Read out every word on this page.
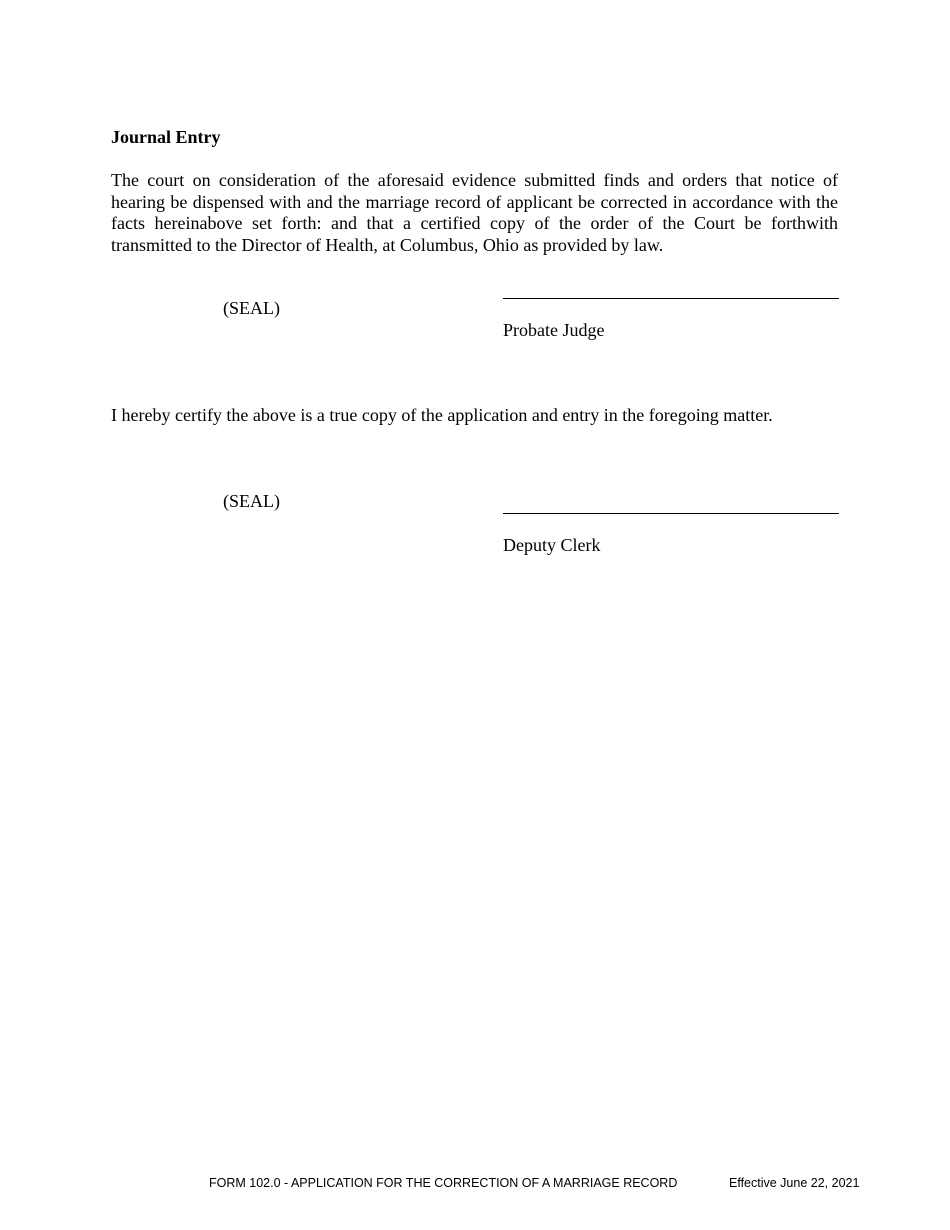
Journal Entry
The court on consideration of the aforesaid evidence submitted finds and orders that notice of hearing be dispensed with and the marriage record of applicant be corrected in accordance with the facts hereinabove set forth: and that a certified copy of the order of the Court be forthwith transmitted to the Director of Health, at Columbus, Ohio as provided by law.
(SEAL)
Probate Judge
I hereby certify the above is a true copy of the application and entry in the foregoing matter.
(SEAL)
Deputy Clerk
FORM 102.0 - APPLICATION FOR THE CORRECTION OF A MARRIAGE RECORD	Effective June 22, 2021
